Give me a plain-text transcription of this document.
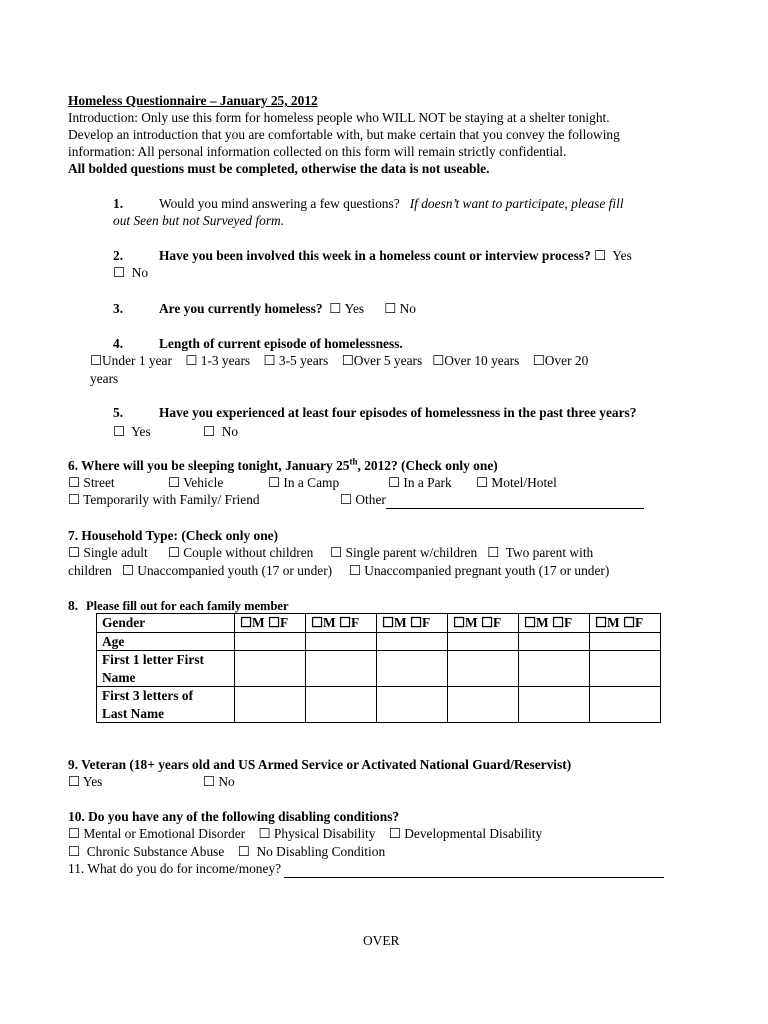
Homeless Questionnaire – January 25, 2012
Introduction: Only use this form for homeless people who WILL NOT be staying at a shelter tonight.
Develop an introduction that you are comfortable with, but make certain that you convey the following
information: All personal information collected on this form will remain strictly confidential.
All bolded questions must be completed, otherwise the data is not useable.
1.	Would you mind answering a few questions? If doesn’t want to participate, please fill
out Seen but not Surveyed form.
2.	Have you been involved this week in a homeless count or interview process? ☐ Yes
☐ No
3.	Are you currently homeless? ☐ Yes ☐ No
4.	Length of current episode of homelessness.
☐Under 1 year ☐ 1-3 years ☐ 3-5 years ☐Over 5 years ☐Over 10 years ☐Over 20
years
5.	Have you experienced at least four episodes of homelessness in the past three years?
☐ Yes	☐ No
6. Where will you be sleeping tonight, January 25th, 2012? (Check only one)
☐ Street	☐ Vehicle	☐ In a Camp	☐ In a Park ☐ Motel/Hotel
☐ Temporarily with Family/ Friend	☐ Other
7. Household Type: (Check only one)
☐ Single adult ☐ Couple without children ☐ Single parent w/children ☐ Two parent with
children ☐ Unaccompanied youth (17 or under) ☐ Unaccompanied pregnant youth (17 or under)
8. Please fill out for each family member
Gender	☐M ☐F	☐M ☐F	☐M ☐F	☐M ☐F	☐M ☐F	☐M ☐F
Age						
First 1 letter First
Name						
First 3 letters of
Last Name						
9. Veteran (18+ years old and US Armed Service or Activated National Guard/Reservist)
☐ Yes	☐ No
10. Do you have any of the following disabling conditions?
☐ Mental or Emotional Disorder ☐ Physical Disability ☐ Developmental Disability
☐ Chronic Substance Abuse ☐ No Disabling Condition
11. What do you do for income/money?
OVER
